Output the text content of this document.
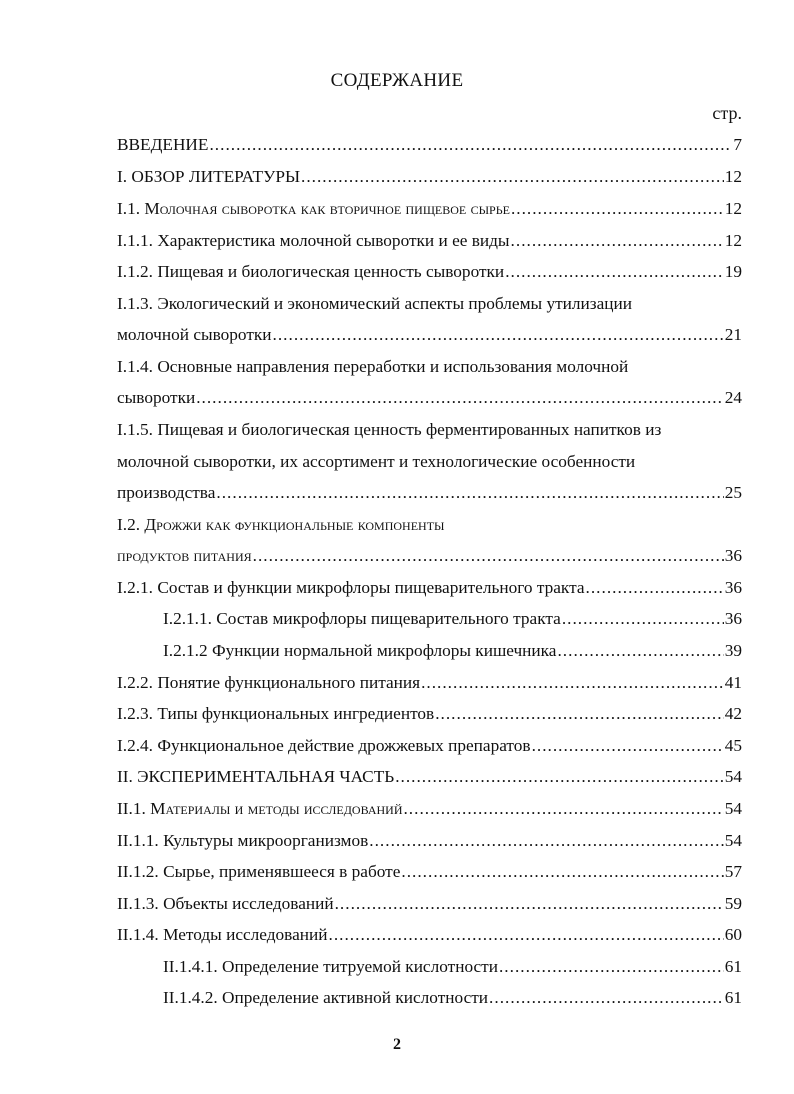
СОДЕРЖАНИЕ
стр.
ВВЕДЕНИЕ .....	7
I. ОБЗОР ЛИТЕРАТУРЫ .....	12
I.1. Молочная сыворотка как вторичное пищевое сырье .....	12
I.1.1. Характеристика молочной сыворотки и ее виды .....	12
I.1.2. Пищевая и биологическая ценность сыворотки .....	19
I.1.3. Экологический и экономический аспекты проблемы утилизации
молочной сыворотки .....	21
I.1.4. Основные направления переработки и использования молочной
сыворотки .....	24
I.1.5. Пищевая и биологическая ценность ферментированных напитков из
молочной сыворотки, их ассортимент и технологические особенности
производства .....	25
I.2. Дрожжи как функциональные компоненты
продуктов питания .....	36
I.2.1. Состав и функции микрофлоры пищеварительного тракта .....	36
I.2.1.1. Состав микрофлоры пищеварительного тракта .....	36
I.2.1.2 Функции нормальной микрофлоры кишечника .....	39
I.2.2. Понятие функционального питания .....	41
I.2.3. Типы функциональных ингредиентов .....	42
I.2.4. Функциональное действие дрожжевых препаратов .....	45
II. ЭКСПЕРИМЕНТАЛЬНАЯ ЧАСТЬ .....	54
II.1. Материалы и методы исследований .....	54
II.1.1. Культуры микроорганизмов .....	54
II.1.2. Сырье, применявшееся в работе .....	57
II.1.3. Объекты исследований .....	59
II.1.4. Методы исследований .....	60
II.1.4.1. Определение титруемой кислотности .....	61
II.1.4.2. Определение активной кислотности .....	61
2
